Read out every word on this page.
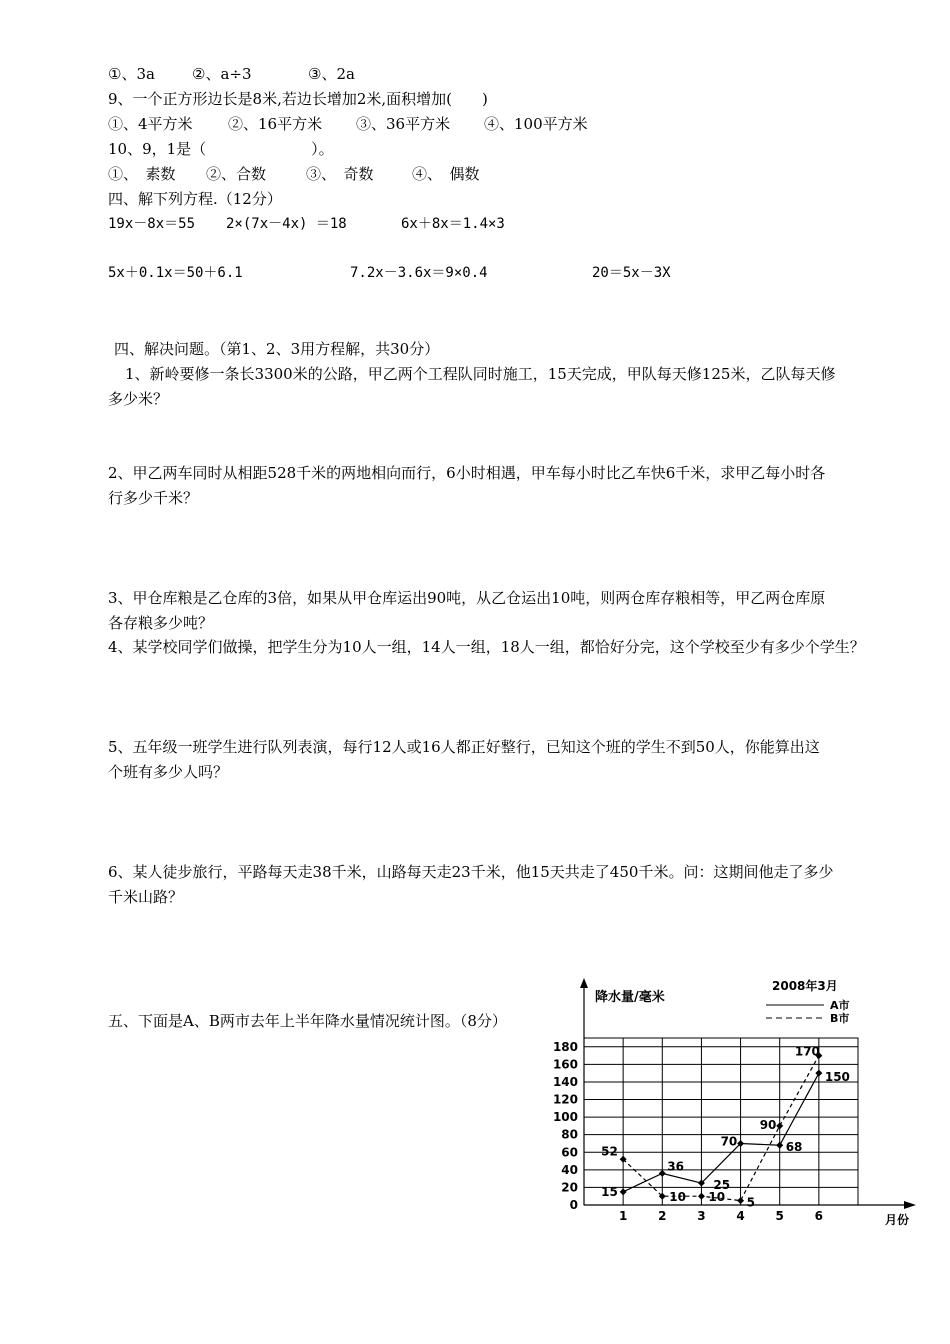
①、3a ②、a÷3	③、2a
9、一个正方形边长是8米,若边长增加2米,面积增加(　　)
①、4平方米 ②、16平方米 ③、36平方米 ④、100平方米
10、9，1是（　　　　　　　）。
①、　素数 ②、合数	③、　奇数	④、　偶数
四、解下列方程.（12分）
19x－8x＝55 2×(7x－4x) ＝18	6x＋8x＝1.4×3
5x＋0.1x＝50＋6.1	7.2x－3.6x＝9×0.4	20＝5x－3X
四、解决问题。（第1、2、3用方程解，共30分）
1、新岭要修一条长3300米的公路，甲乙两个工程队同时施工，15天完成，甲队每天修125米，乙队每天修
多少米？
2、甲乙两车同时从相距528千米的两地相向而行，6小时相遇，甲车每小时比乙车快6千米，求甲乙每小时各
行多少千米？
3、甲仓库粮是乙仓库的3倍，如果从甲仓库运出90吨，从乙仓运出10吨，则两仓库存粮相等，甲乙两仓库原
各存粮多少吨？
4、某学校同学们做操，把学生分为10人一组，14人一组，18人一组，都恰好分完，这个学校至少有多少个学生？
5、五年级一班学生进行队列表演，每行12人或16人都正好整行，已知这个班的学生不到50人，你能算出这
个班有多少人吗？
6、某人徒步旅行，平路每天走38千米，山路每天走23千米，他15天共走了450千米。问：这期间他走了多少
千米山路？
五、下面是A、B两市去年上半年降水量情况统计图。（8分）
0
20
40
60
80
100
120
140
160
180
1	2	3	4	5	6
降水量/毫米
月份
2008年3月
A市
B市
15
36
25
70	68
150
52
10 10 5
90
170
